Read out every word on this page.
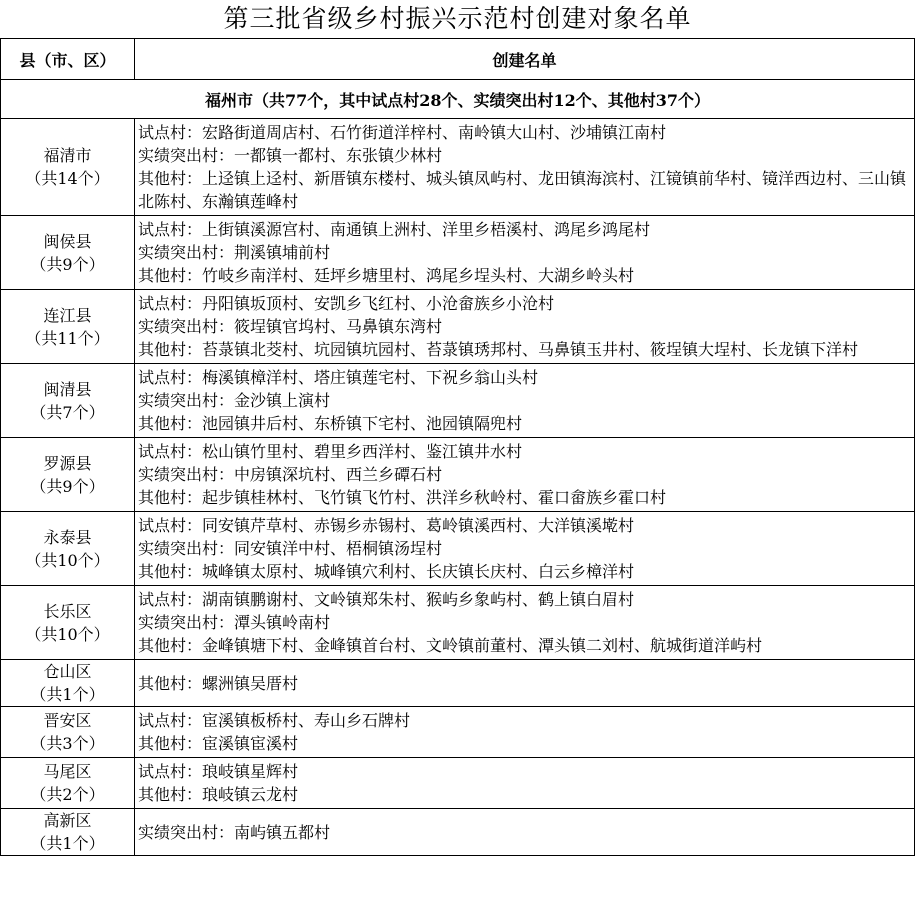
第三批省级乡村振兴示范村创建对象名单
县（市、区）	创建名单
福州市（共77个，其中试点村28个、实绩突出村12个、其他村37个）	

福清市
（共14个）	试点村：宏路街道周店村、石竹街道洋梓村、南岭镇大山村、沙埔镇江南村
实绩突出村：一都镇一都村、东张镇少林村
其他村：上迳镇上迳村、新厝镇东楼村、城头镇凤屿村、龙田镇海滨村、江镜镇前华村、镜洋西边村、三山镇北陈村、东瀚镇莲峰村

闽侯县
（共9个）	试点村：上街镇溪源宫村、南通镇上洲村、洋里乡梧溪村、鸿尾乡鸿尾村
实绩突出村：荆溪镇埔前村
其他村：竹岐乡南洋村、廷坪乡塘里村、鸿尾乡埕头村、大湖乡岭头村

连江县
（共11个）	试点村：丹阳镇坂顶村、安凯乡飞红村、小沧畲族乡小沧村
实绩突出村：筱埕镇官坞村、马鼻镇东湾村
其他村：苔菉镇北茭村、坑园镇坑园村、苔菉镇琇邦村、马鼻镇玉井村、筱埕镇大埕村、长龙镇下洋村

闽清县
（共7个）	试点村：梅溪镇樟洋村、塔庄镇莲宅村、下祝乡翁山头村
实绩突出村：金沙镇上演村
其他村：池园镇井后村、东桥镇下宅村、池园镇隔兜村

罗源县
（共9个）	试点村：松山镇竹里村、碧里乡西洋村、鉴江镇井水村
实绩突出村：中房镇深坑村、西兰乡磹石村
其他村：起步镇桂林村、飞竹镇飞竹村、洪洋乡秋岭村、霍口畲族乡霍口村

永泰县
（共10个）	试点村：同安镇芹草村、赤锡乡赤锡村、葛岭镇溪西村、大洋镇溪墘村
实绩突出村：同安镇洋中村、梧桐镇汤埕村
其他村：城峰镇太原村、城峰镇穴利村、长庆镇长庆村、白云乡樟洋村

长乐区
（共10个）	试点村：湖南镇鹏谢村、文岭镇郑朱村、猴屿乡象屿村、鹤上镇白眉村
实绩突出村：潭头镇岭南村
其他村：金峰镇塘下村、金峰镇首台村、文岭镇前董村、潭头镇二刘村、航城街道洋屿村

仓山区
（共1个）	其他村：螺洲镇吴厝村

晋安区
（共3个）	试点村：宦溪镇板桥村、寿山乡石牌村
其他村：宦溪镇宦溪村

马尾区
（共2个）	试点村：琅岐镇星辉村
其他村：琅岐镇云龙村

高新区
（共1个）	实绩突出村：南屿镇五都村
